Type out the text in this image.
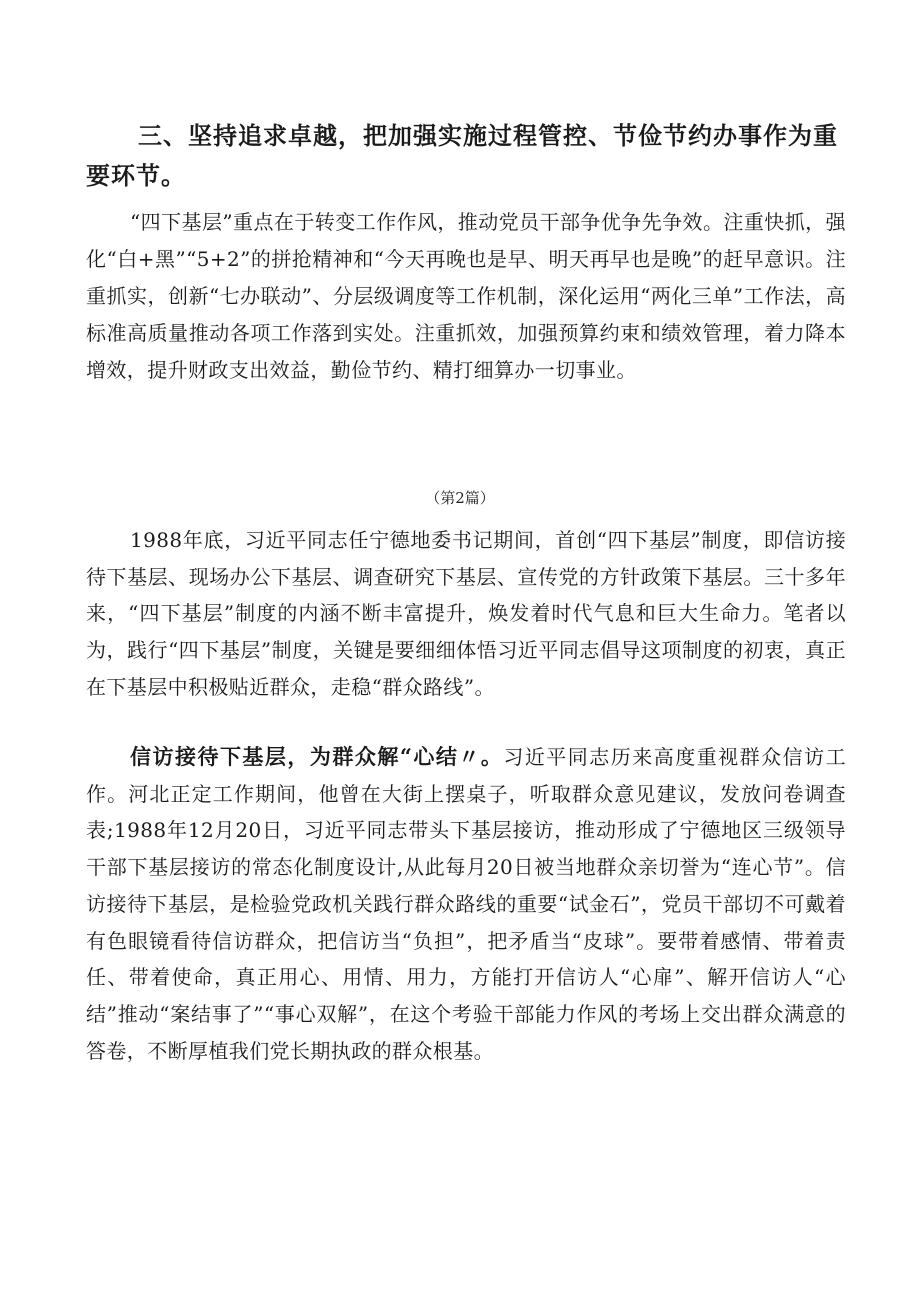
三、坚持追求卓越，把加强实施过程管控、节俭节约办事作为重要环节。

“四下基层”重点在于转变工作作风，推动党员干部争优争先争效。注重快抓，强化“白+黑”“5+2”的拼抢精神和“今天再晚也是早、明天再早也是晚”的赶早意识。注重抓实，创新“七办联动”、分层级调度等工作机制，深化运用“两化三单”工作法，高标准高质量推动各项工作落到实处。注重抓效，加强预算约束和绩效管理，着力降本增效，提升财政支出效益，勤俭节约、精打细算办一切事业。

（第2篇）

1988年底，习近平同志任宁德地委书记期间，首创“四下基层”制度，即信访接待下基层、现场办公下基层、调查研究下基层、宣传党的方针政策下基层。三十多年来，“四下基层”制度的内涵不断丰富提升，焕发着时代气息和巨大生命力。笔者以为，践行“四下基层”制度，关键是要细细体悟习近平同志倡导这项制度的初衷，真正在下基层中积极贴近群众，走稳“群众路线”。

信访接待下基层，为群众解“心结〃。习近平同志历来高度重视群众信访工作。河北正定工作期间，他曾在大街上摆桌子，听取群众意见建议，发放问卷调查表;1988年12月20日，习近平同志带头下基层接访，推动形成了宁德地区三级领导干部下基层接访的常态化制度设计,从此每月20日被当地群众亲切誉为“连心节”。信访接待下基层，是检验党政机关践行群众路线的重要“试金石”，党员干部切不可戴着有色眼镜看待信访群众，把信访当“负担”，把矛盾当“皮球”。要带着感情、带着责任、带着使命，真正用心、用情、用力，方能打开信访人“心扉”、解开信访人“心结”推动“案结事了”“事心双解”，在这个考验干部能力作风的考场上交出群众满意的答卷，不断厚植我们党长期执政的群众根基。
